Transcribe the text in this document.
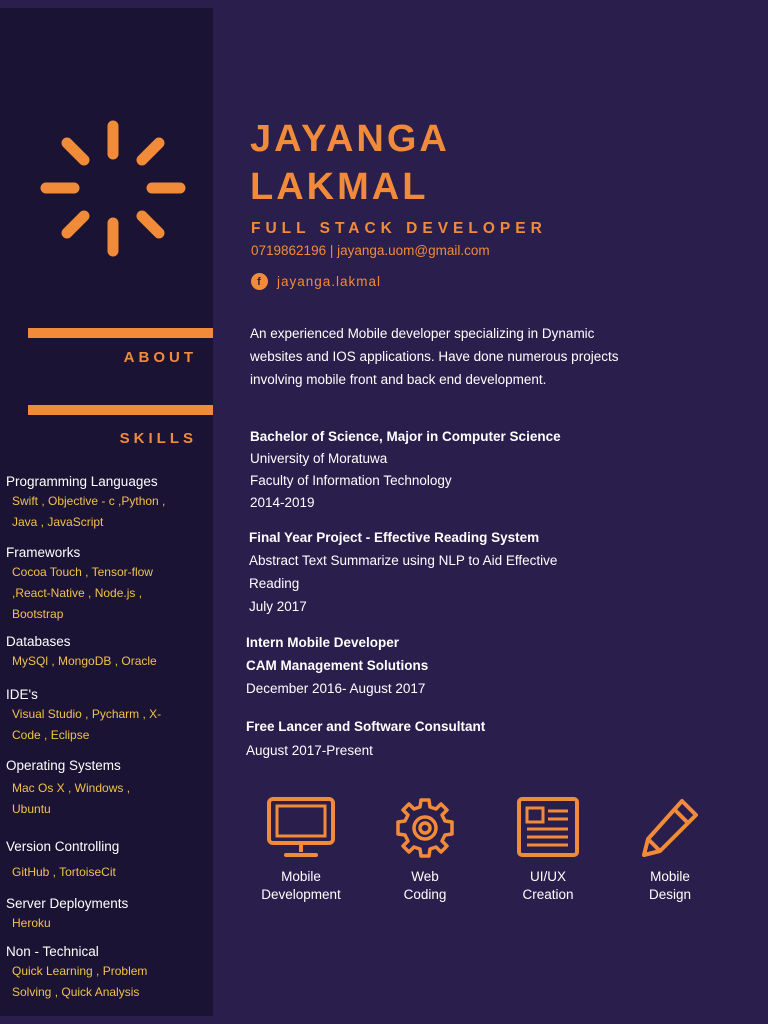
ABOUT
SKILLS
Programming Languages
Swift , Objective - c ,Python ,
Java , JavaScript
Frameworks
Cocoa Touch , Tensor-flow
,React-Native , Node.js ,
Bootstrap
Databases
MySQl , MongoDB , Oracle
IDE's
Visual Studio , Pycharm , X-
Code , Eclipse
Operating Systems
Mac Os X , Windows ,
Ubuntu
Version Controlling
GitHub , TortoiseCit
Server Deployments
Heroku
Non - Technical
Quick Learning , Problem
Solving , Quick Analysis
JAYANGA
LAKMAL
FULL STACK DEVELOPER
0719862196 | jayanga.uom@gmail.com
f	jayanga.lakmal
An experienced Mobile developer specializing in Dynamic
websites and IOS applications. Have done numerous projects
involving mobile front and back end development.
Bachelor of Science, Major in Computer Science
University of Moratuwa
Faculty of Information Technology
2014-2019
Final Year Project - Effective Reading System
Abstract Text Summarize using NLP to Aid Effective
Reading
July 2017
Intern Mobile Developer
CAM Management Solutions
December 2016- August 2017
Free Lancer and Software Consultant
August 2017-Present
Mobile
Development
Web
Coding
UI/UX
Creation
Mobile
Design
